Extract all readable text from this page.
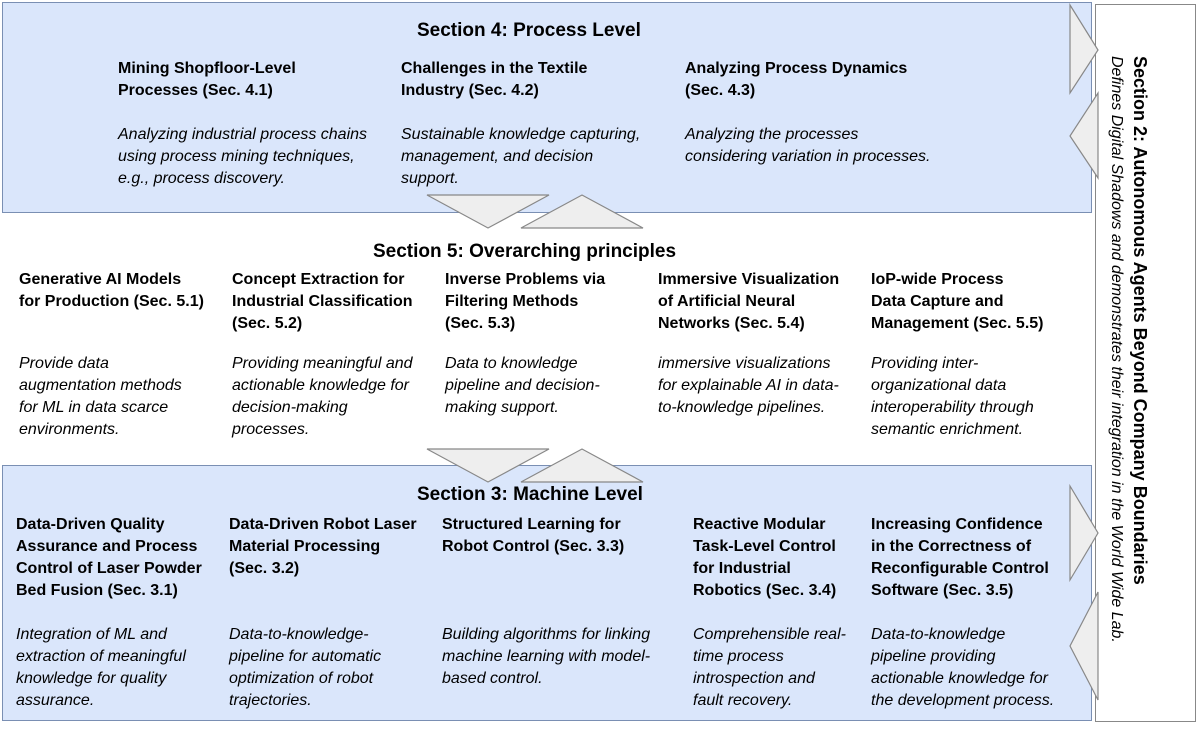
Section 4: Process Level
Mining Shopfloor-Level
Processes (Sec. 4.1)
Analyzing industrial process chains
using process mining techniques,
e.g., process discovery.
Challenges in the Textile
Industry (Sec. 4.2)
Sustainable knowledge capturing,
management, and decision
support.
Analyzing Process Dynamics
(Sec. 4.3)
Analyzing the processes
considering variation in processes.
Section 5: Overarching principles
Generative AI Models
for Production (Sec. 5.1)
Provide data
augmentation methods
for ML in data scarce
environments.
Concept Extraction for
Industrial Classification
(Sec. 5.2)
Providing meaningful and
actionable knowledge for
decision-making
processes.
Inverse Problems via
Filtering Methods
(Sec. 5.3)
Data to knowledge
pipeline and decision-
making support.
Immersive Visualization
of Artificial Neural
Networks (Sec. 5.4)
immersive visualizations
for explainable AI in data-
to-knowledge pipelines.
IoP-wide Process
Data Capture and
Management (Sec. 5.5)
Providing inter-
organizational data
interoperability through
semantic enrichment.
Section 3: Machine Level
Data-Driven Quality
Assurance and Process
Control of Laser Powder
Bed Fusion (Sec. 3.1)
Integration of ML and
extraction of meaningful
knowledge for quality
assurance.
Data-Driven Robot Laser
Material Processing
(Sec. 3.2)
Data-to-knowledge-
pipeline for automatic
optimization of robot
trajectories.
Structured Learning for
Robot Control (Sec. 3.3)
Building algorithms for linking
machine learning with model-
based control.
Reactive Modular
Task-Level Control
for Industrial
Robotics (Sec. 3.4)
Comprehensible real-
time process
introspection and
fault recovery.
Increasing Confidence
in the Correctness of
Reconfigurable Control
Software (Sec. 3.5)
Data-to-knowledge
pipeline providing
actionable knowledge for
the development process.
Section 2: Autonomous Agents Beyond Company Boundaries
Defines Digital Shadows and demonstrates their integration in the World Wide Lab.
